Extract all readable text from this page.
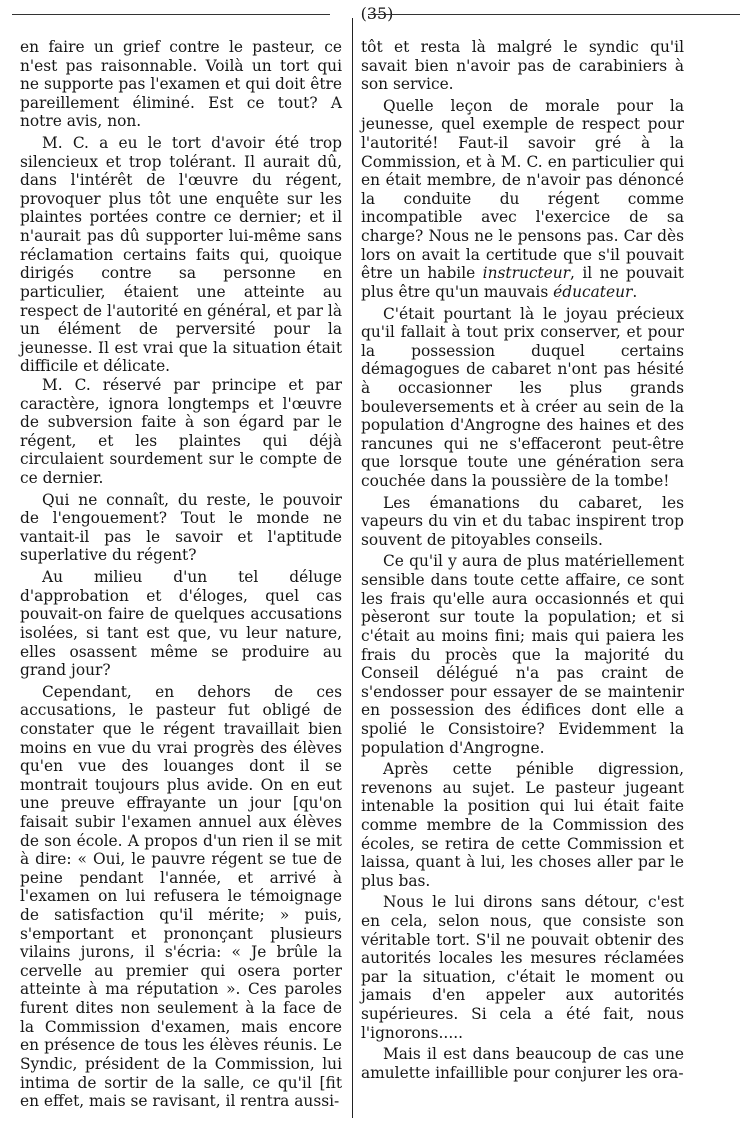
(35)

en faire un grief contre le pasteur, ce n'est pas raisonnable. Voilà un tort qui ne supporte pas l'examen et qui doit être pareillement éliminé. Est ce tout? A notre avis, non.

M. C. a eu le tort d'avoir été trop silencieux et trop tolérant. Il aurait dû, dans l'intérêt de l'œuvre du régent, provoquer plus tôt une enquête sur les plaintes portées contre ce dernier; et il n'aurait pas dû supporter lui-même sans réclamation certains faits qui, quoique dirigés contre sa personne en particulier, étaient une atteinte au respect de l'autorité en général, et par là un élément de perversité pour la jeunesse. Il est vrai que la situation était difficile et délicate.

M. C. réservé par principe et par caractère, ignora longtemps et l'œuvre de subversion faite à son égard par le régent, et les plaintes qui déjà circulaient sourdement sur le compte de ce dernier.

Qui ne connaît, du reste, le pouvoir de l'engouement? Tout le monde ne vantait-il pas le savoir et l'aptitude superlative du régent?

Au milieu d'un tel déluge d'approbation et d'éloges, quel cas pouvait-on faire de quelques accusations isolées, si tant est que, vu leur nature, elles osassent même se produire au grand jour?

Cependant, en dehors de ces accusations, le pasteur fut obligé de constater que le régent travaillait bien moins en vue du vrai progrès des élèves qu'en vue des louanges dont il se montrait toujours plus avide. On en eut une preuve effrayante un jour [qu'on faisait subir l'examen annuel aux élèves de son école. A propos d'un rien il se mit à dire: « Oui, le pauvre régent se tue de peine pendant l'année, et arrivé à l'examen on lui refusera le témoignage de satisfaction qu'il mérite; » puis, s'emportant et prononçant plusieurs vilains jurons, il s'écria: « Je brûle la cervelle au premier qui osera porter atteinte à ma réputation ». Ces paroles furent dites non seulement à la face de la Commission d'examen, mais encore en présence de tous les élèves réunis. Le Syndic, président de la Commission, lui intima de sortir de la salle, ce qu'il [fit en effet, mais se ravisant, il rentra aussi-

tôt et resta là malgré le syndic qu'il savait bien n'avoir pas de carabiniers à son service.

Quelle leçon de morale pour la jeunesse, quel exemple de respect pour l'autorité! Faut-il savoir gré à la Commission, et à M. C. en particulier qui en était membre, de n'avoir pas dénoncé la conduite du régent comme incompatible avec l'exercice de sa charge? Nous ne le pensons pas. Car dès lors on avait la certitude que s'il pouvait être un habile instructeur, il ne pouvait plus être qu'un mauvais éducateur.

C'était pourtant là le joyau précieux qu'il fallait à tout prix conserver, et pour la possession duquel certains démagogues de cabaret n'ont pas hésité à occasionner les plus grands bouleversements et à créer au sein de la population d'Angrogne des haines et des rancunes qui ne s'effaceront peut-être que lorsque toute une génération sera couchée dans la poussière de la tombe!

Les émanations du cabaret, les vapeurs du vin et du tabac inspirent trop souvent de pitoyables conseils.

Ce qu'il y aura de plus matériellement sensible dans toute cette affaire, ce sont les frais qu'elle aura occasionnés et qui pèseront sur toute la population; et si c'était au moins fini; mais qui paiera les frais du procès que la majorité du Conseil délégué n'a pas craint de s'endosser pour essayer de se maintenir en possession des édifices dont elle a spolié le Consistoire? Evidemment la population d'Angrogne.

Après cette pénible digression, revenons au sujet. Le pasteur jugeant intenable la position qui lui était faite comme membre de la Commission des écoles, se retira de cette Commission et laissa, quant à lui, les choses aller par le plus bas.

Nous le lui dirons sans détour, c'est en cela, selon nous, que consiste son véritable tort. S'il ne pouvait obtenir des autorités locales les mesures réclamées par la situation, c'était le moment ou jamais d'en appeler aux autorités supérieures. Si cela a été fait, nous l'ignorons.....

Mais il est dans beaucoup de cas une amulette infaillible pour conjurer les ora-
